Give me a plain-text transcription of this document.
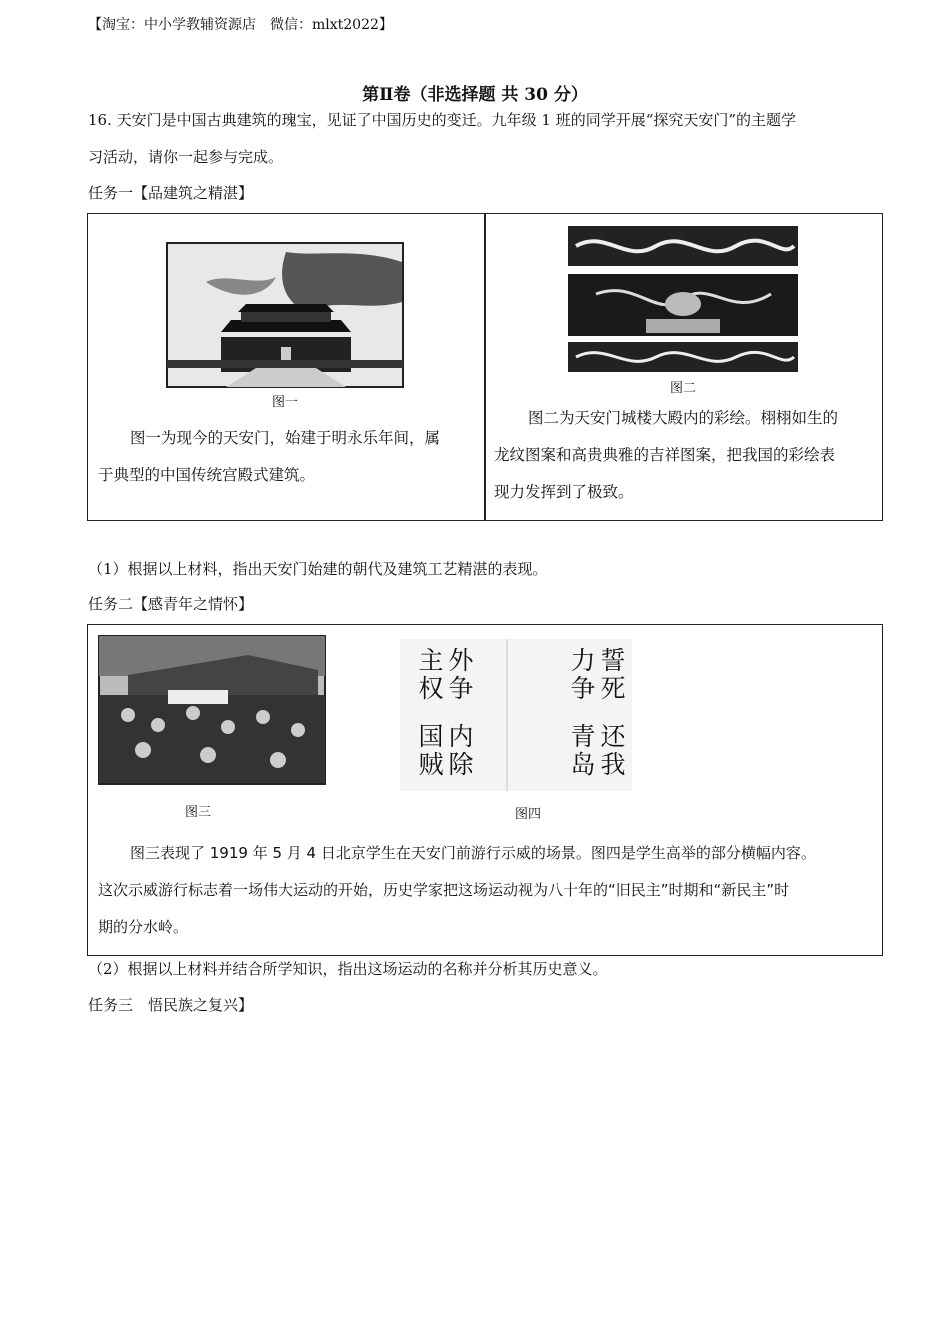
【淘宝：中小学教辅资源店　微信：mlxt2022】
第Ⅱ卷（非选择题 共 30 分）
16. 天安门是中国古典建筑的瑰宝，见证了中国历史的变迁。九年级 1 班的同学开展“探究天安门”的主题学
习活动，请你一起参与完成。
任务一【品建筑之精湛】
图一
图一为现今的天安门，始建于明永乐年间，属
于典型的中国传统宫殿式建筑。
图二
图二为天安门城楼大殿内的彩绘。栩栩如生的
龙纹图案和高贵典雅的吉祥图案，把我国的彩绘表
现力发挥到了极致。
（1）根据以上材料，指出天安门始建的朝代及建筑工艺精湛的表现。
任务二【感青年之情怀】
图三
誓死力争
还我青岛
外争主权
内除国贼
图四
图三表现了 1919 年 5 月 4 日北京学生在天安门前游行示威的场景。图四是学生高举的部分横幅内容。
这次示威游行标志着一场伟大运动的开始，历史学家把这场运动视为八十年的“旧民主”时期和“新民主”时
期的分水岭。
（2）根据以上材料并结合所学知识，指出这场运动的名称并分析其历史意义。
任务三　悟民族之复兴】
